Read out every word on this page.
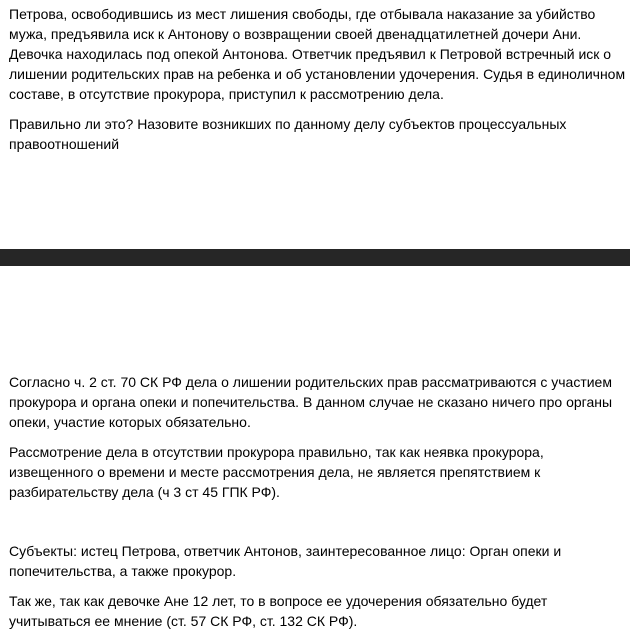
Петрова, освободившись из мест лишения свободы, где отбывала наказание за убийство мужа, предъявила иск к Антонову о возвращении своей двенадцатилетней дочери Ани. Девочка находилась под опекой Антонова. Ответчик предъявил к Петровой встречный иск о лишении родительских прав на ребенка и об установлении удочерения. Судья в единоличном составе, в отсутствие прокурора, приступил к рассмотрению дела.

Правильно ли это? Назовите возникших по данному делу субъектов процессуальных правоотношений

Согласно ч. 2 ст. 70 СК РФ дела о лишении родительских прав рассматриваются с участием прокурора и органа опеки и попечительства. В данном случае не сказано ничего про органы опеки, участие которых обязательно.

Рассмотрение дела в отсутствии прокурора правильно, так как неявка прокурора, извещенного о времени и месте рассмотрения дела, не является препятствием к разбирательству дела (ч 3 ст 45 ГПК РФ).

Субъекты: истец Петрова, ответчик Антонов, заинтересованное лицо: Орган опеки и попечительства, а также прокурор.

Так же, так как девочке Ане 12 лет, то в вопросе ее удочерения обязательно будет учитываться ее мнение (ст. 57 СК РФ, ст. 132 СК РФ).
